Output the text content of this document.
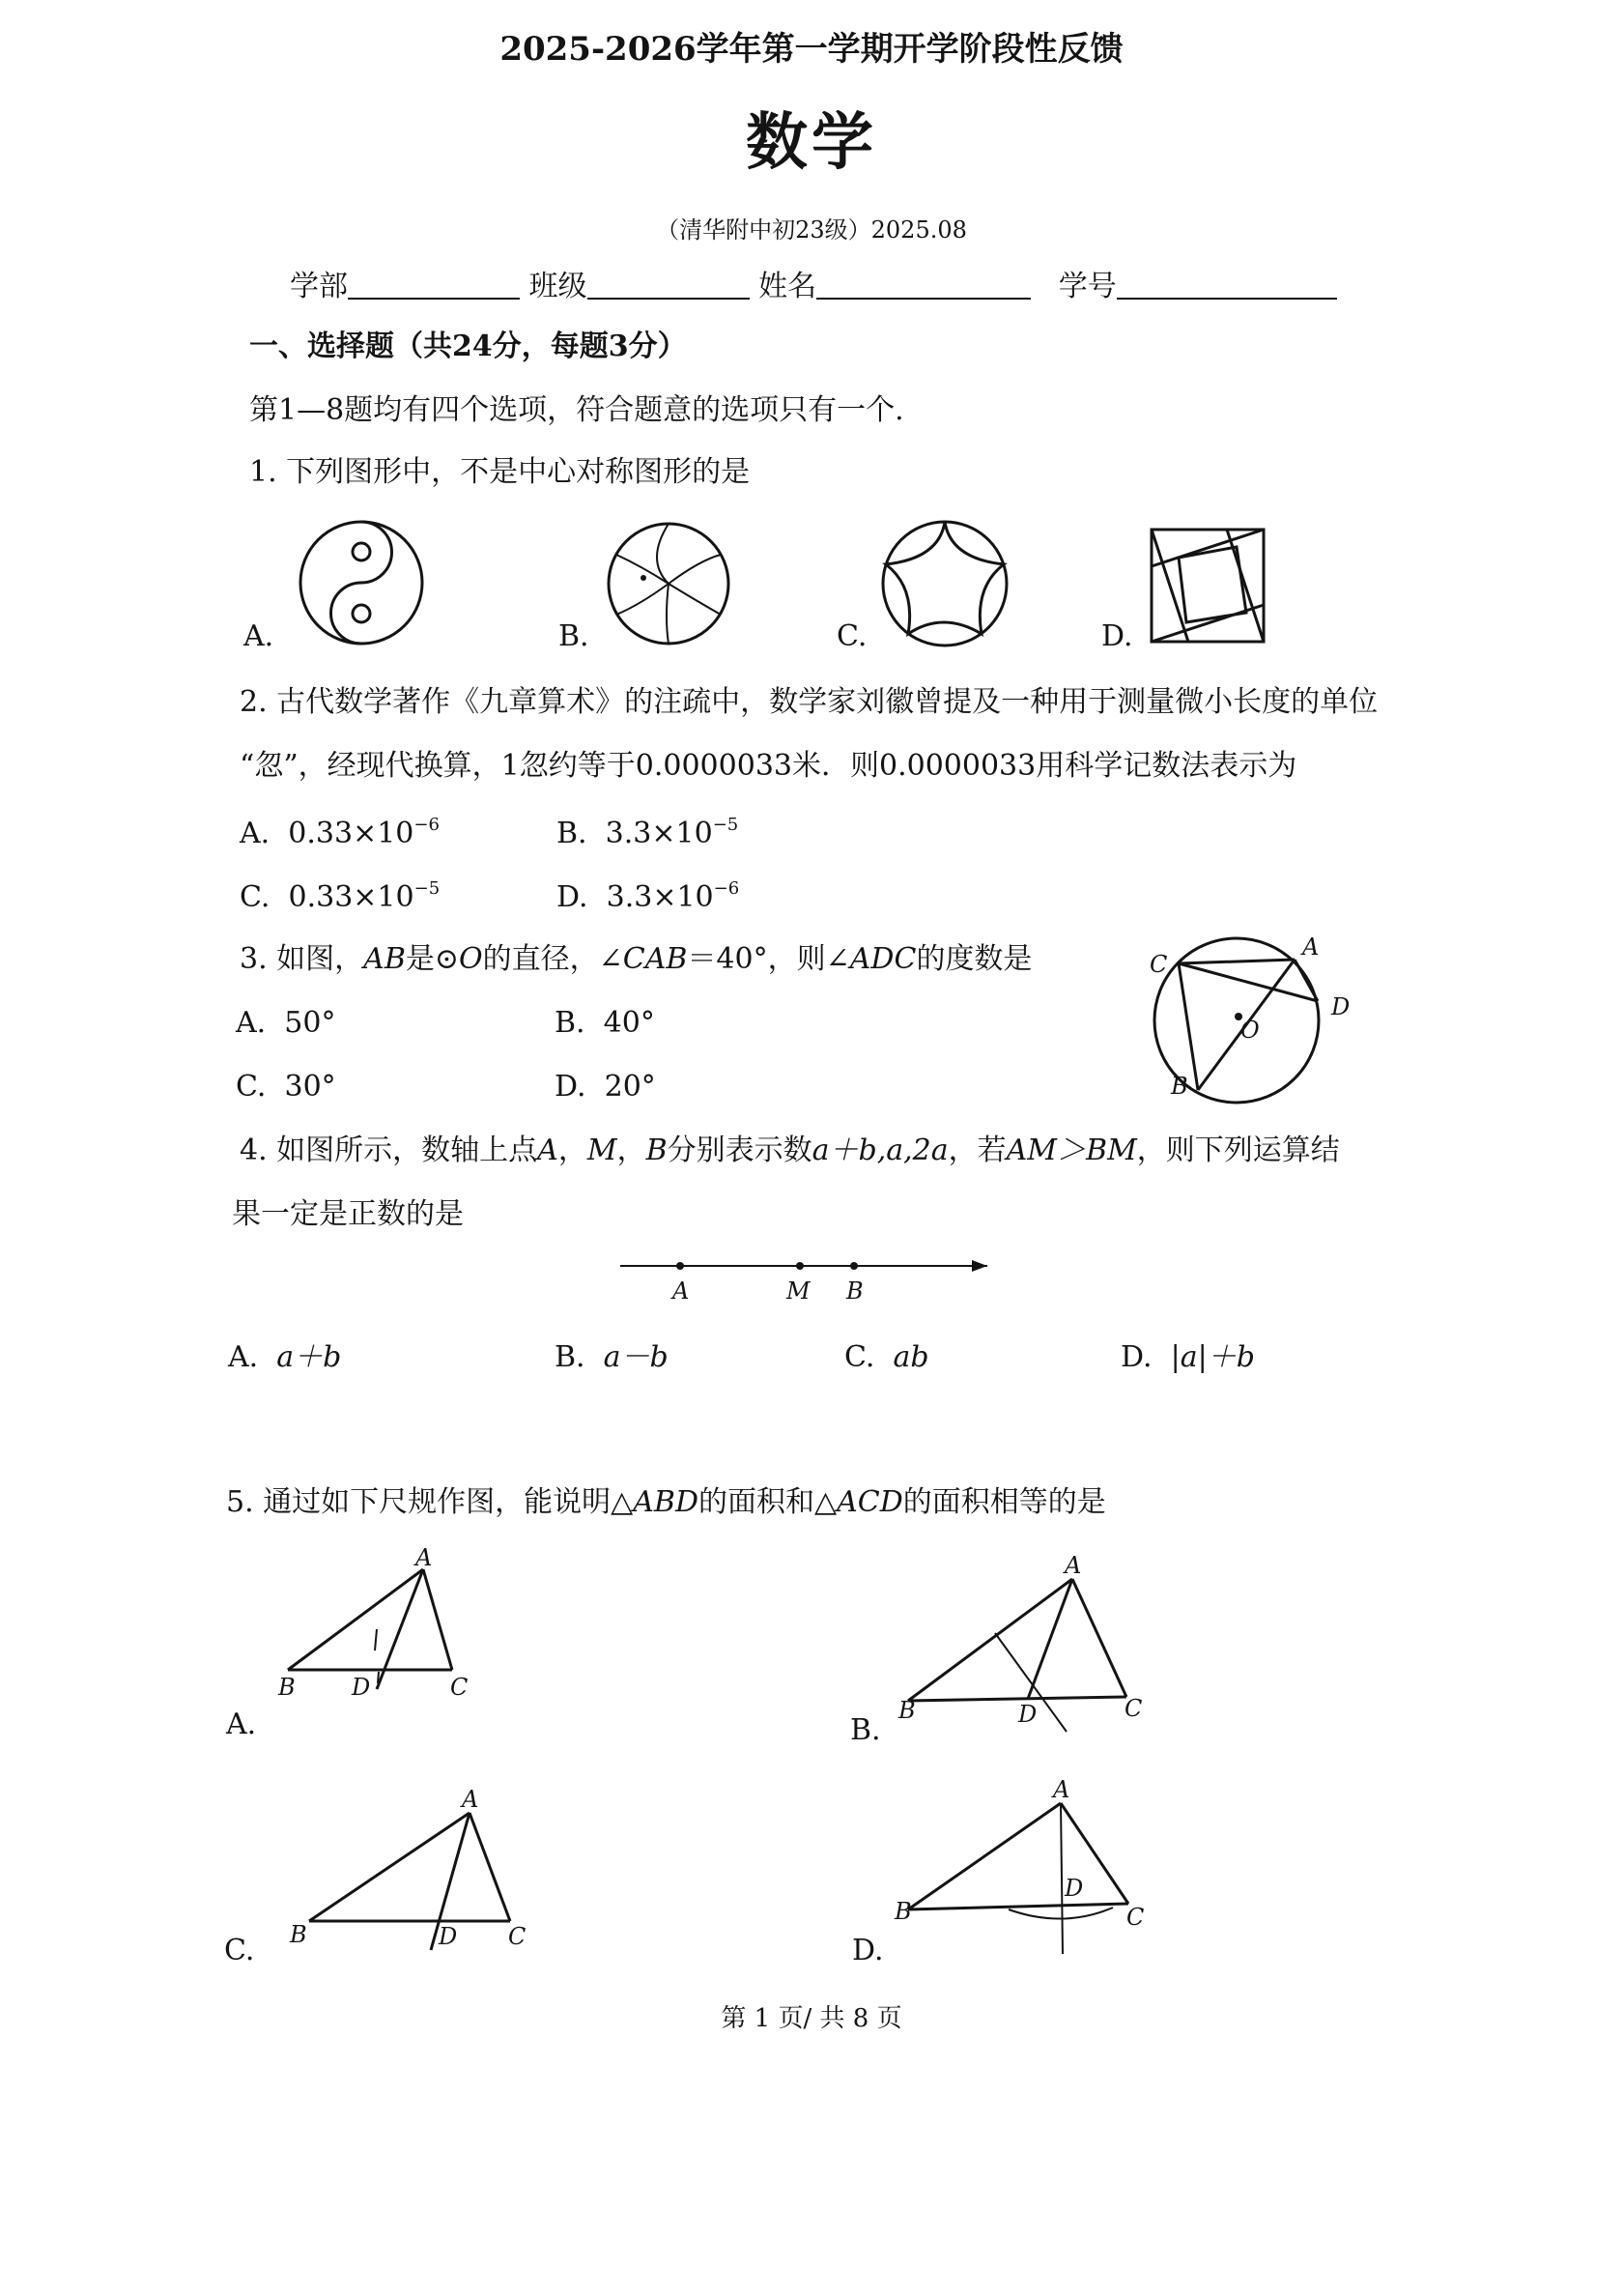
2025-2026学年第一学期开学阶段性反馈
数学
（清华附中初23级）2025.08
学部	班级	姓名	学号
一、选择题（共24分，每题3分）
第1—8题均有四个选项，符合题意的选项只有一个.
1. 下列图形中，不是中心对称图形的是
A.	B.	C.	D.
2. 古代数学著作《九章算术》的注疏中，数学家刘徽曾提及一种用于测量微小长度的单位
“忽”，经现代换算，1忽约等于0.0000033米．则0.0000033用科学记数法表示为
A. $0.33\times 10^{-6}$	B. $3.3\times 10^{-5}$
C. $0.33\times 10^{-5}$	D. $3.3\times 10^{-6}$
3. 如图，AB是⊙O的直径，∠CAB＝40°，则∠ADC的度数是
A. 50°	B. 40°
C. 30°	D. 20°
C
A
D
O
B
4. 如图所示，数轴上点A，M，B分别表示数a＋b,a,2a，若AM＞BM，则下列运算结
果一定是正数的是
A	M B
A. a＋b	B. a－b	C. ab	D. |a|＋b
5. 通过如下尺规作图，能说明△ABD的面积和△ACD的面积相等的是
A
B	C
D
A.
A
B	C
D
B.
A
B	C
D
C.
A
B	C
D
D.
第 1 页/ 共 8 页
